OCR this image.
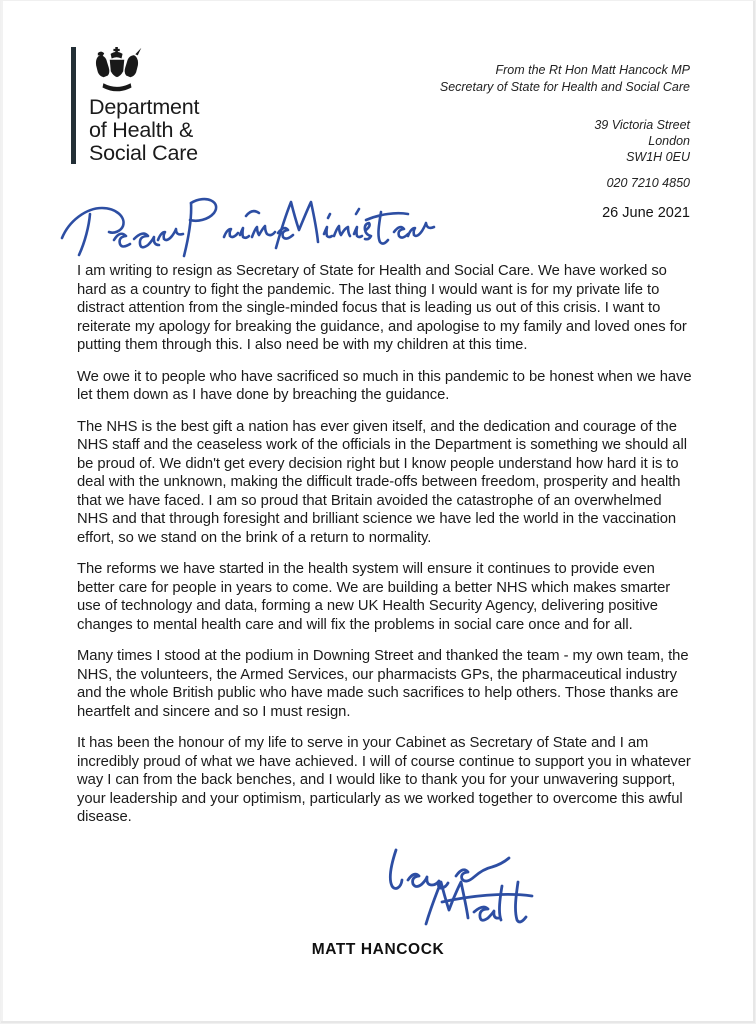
Department
of Health &
Social Care
From the Rt Hon Matt Hancock MP
Secretary of State for Health and Social Care
39 Victoria Street
London
SW1H 0EU
020 7210 4850
26 June 2021

I am writing to resign as Secretary of State for Health and Social Care. We have worked so hard as a country to fight the pandemic. The last thing I would want is for my private life to distract attention from the single-minded focus that is leading us out of this crisis. I want to reiterate my apology for breaking the guidance, and apologise to my family and loved ones for putting them through this. I also need be with my children at this time.

We owe it to people who have sacrificed so much in this pandemic to be honest when we have let them down as I have done by breaching the guidance.

The NHS is the best gift a nation has ever given itself, and the dedication and courage of the NHS staff and the ceaseless work of the officials in the Department is something we should all be proud of. We didn't get every decision right but I know people understand how hard it is to deal with the unknown, making the difficult trade-offs between freedom, prosperity and health that we have faced. I am so proud that Britain avoided the catastrophe of an overwhelmed NHS and that through foresight and brilliant science we have led the world in the vaccination effort, so we stand on the brink of a return to normality.

The reforms we have started in the health system will ensure it continues to provide even better care for people in years to come. We are building a better NHS which makes smarter use of technology and data, forming a new UK Health Security Agency, delivering positive changes to mental health care and will fix the problems in social care once and for all.

Many times I stood at the podium in Downing Street and thanked the team - my own team, the NHS, the volunteers, the Armed Services, our pharmacists GPs, the pharmaceutical industry and the whole British public who have made such sacrifices to help others. Those thanks are heartfelt and sincere and so I must resign.

It has been the honour of my life to serve in your Cabinet as Secretary of State and I am incredibly proud of what we have achieved. I will of course continue to support you in whatever way I can from the back benches, and I would like to thank you for your unwavering support, your leadership and your optimism, particularly as we worked together to overcome this awful disease.

MATT HANCOCK
